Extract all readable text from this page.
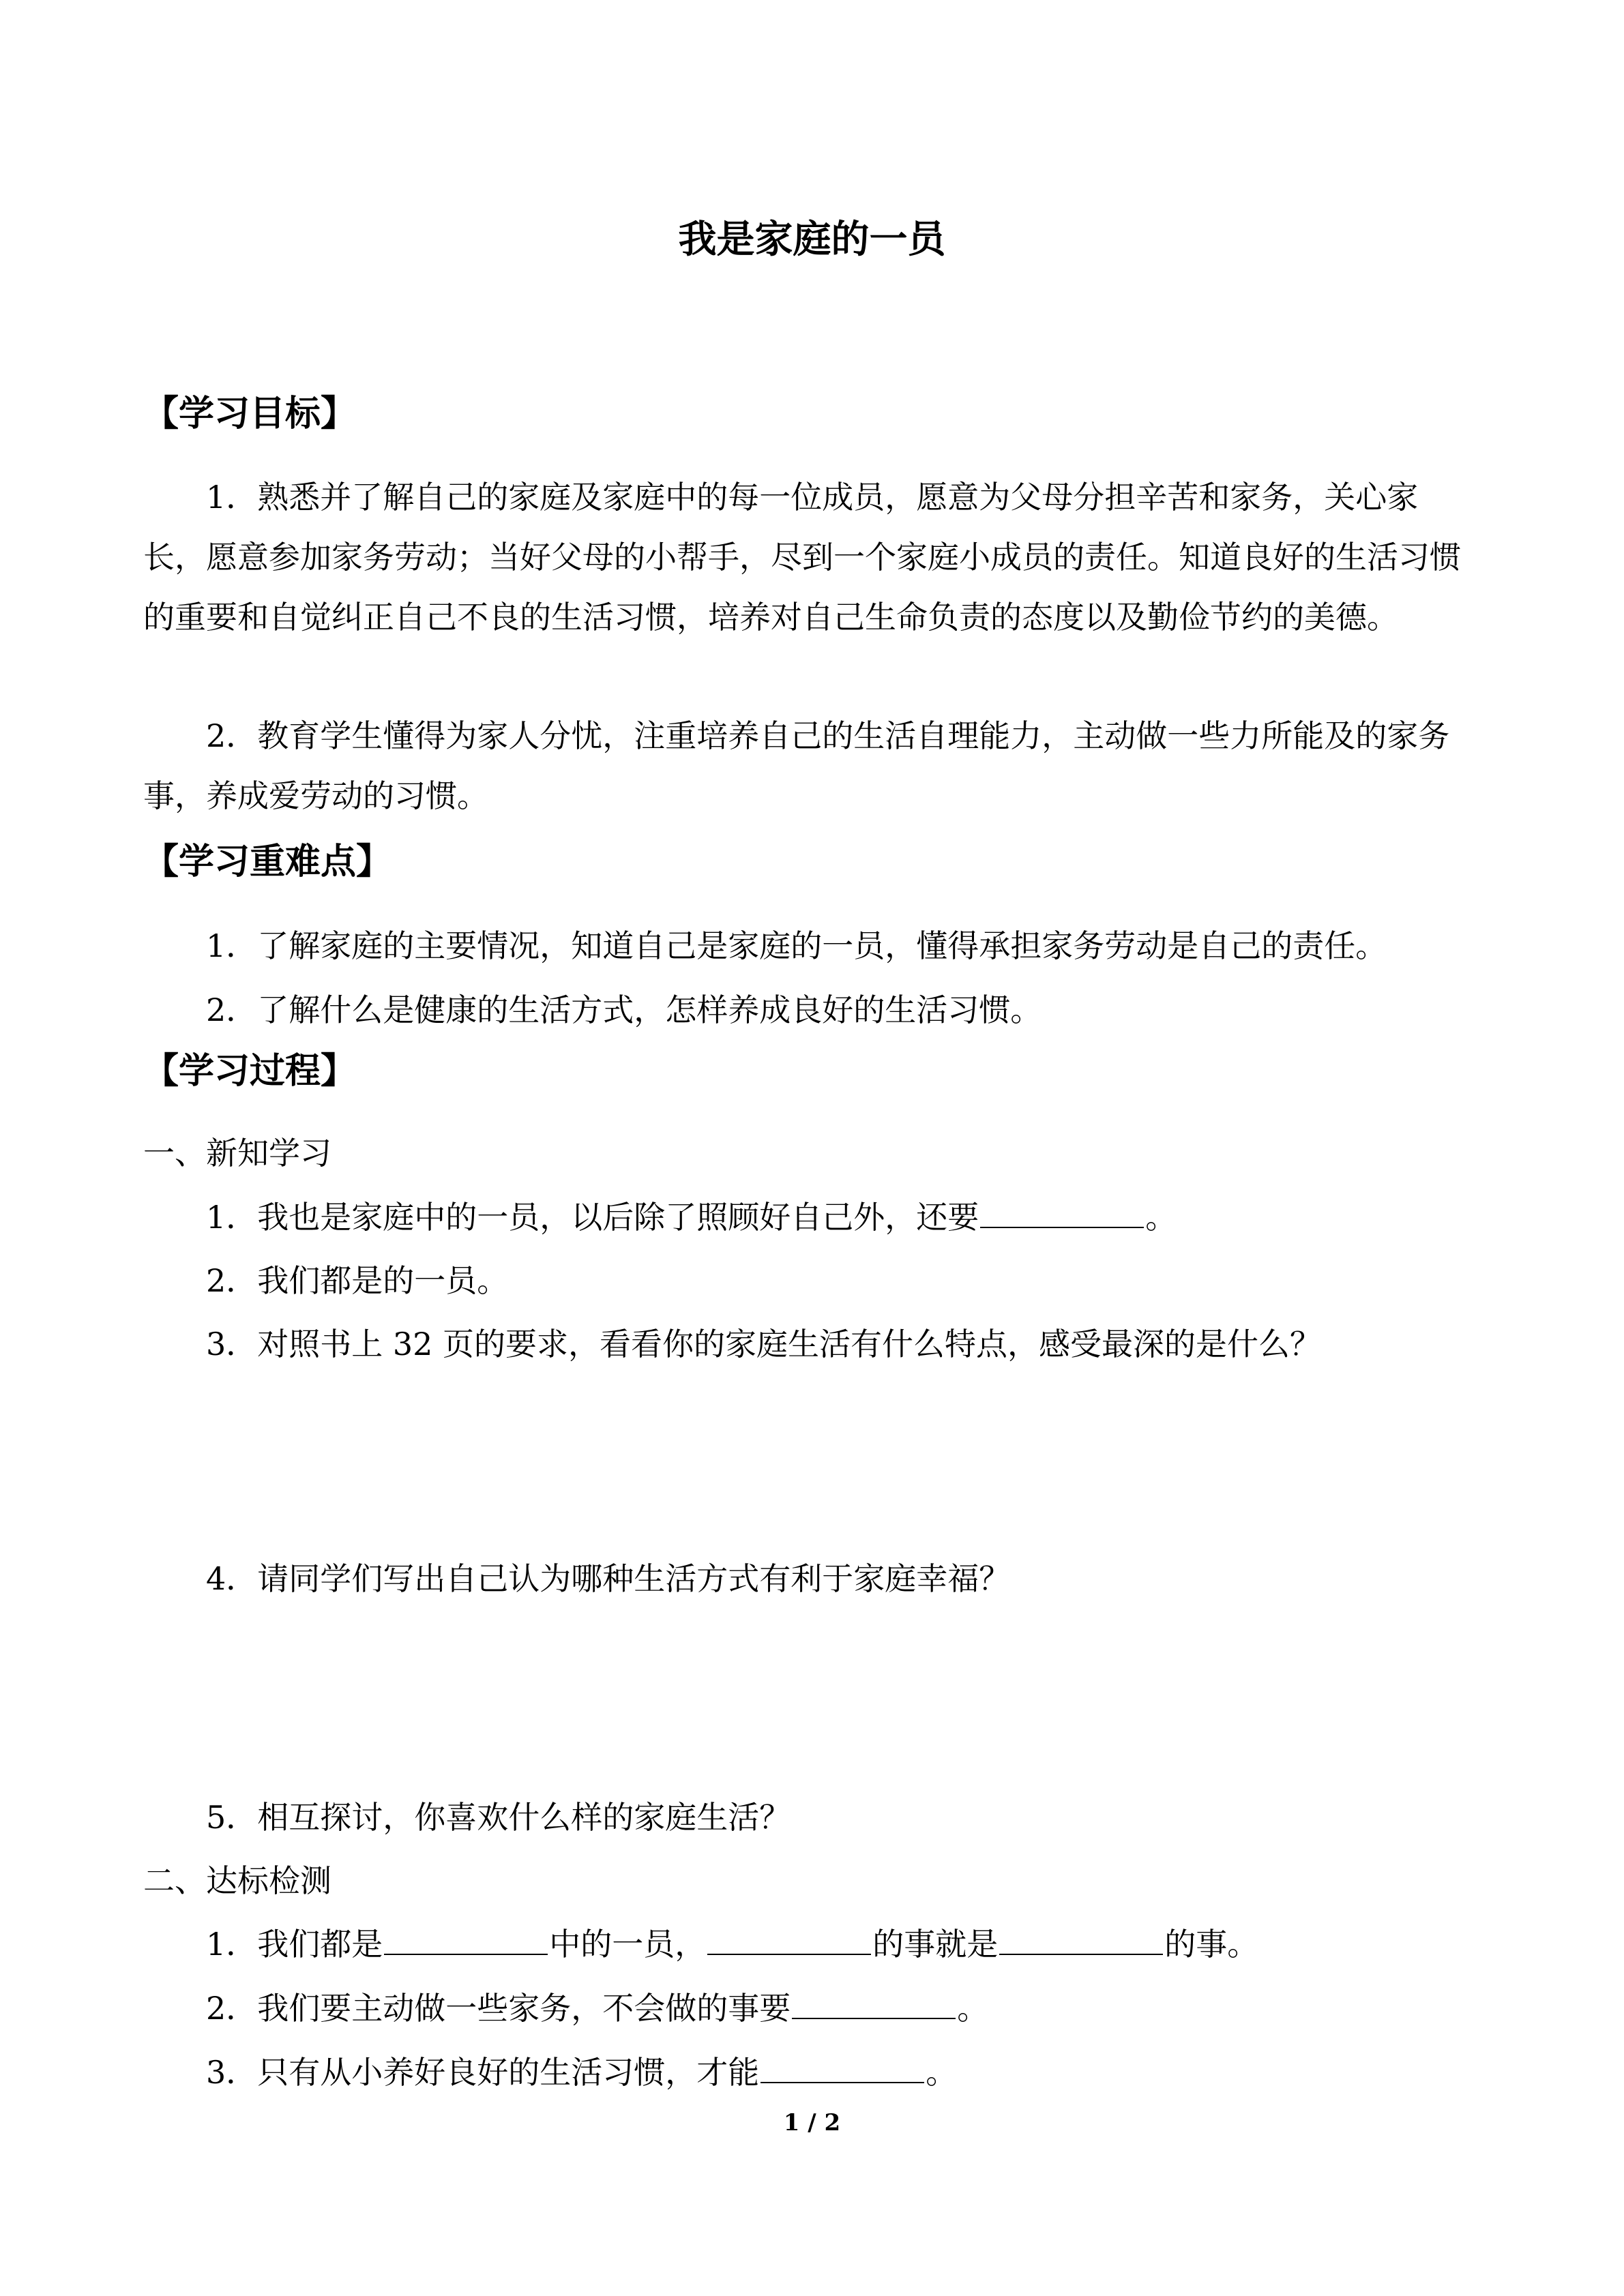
我是家庭的一员
【学习目标】
1．熟悉并了解自己的家庭及家庭中的每一位成员，愿意为父母分担辛苦和家务，关心家长，愿意参加家务劳动；当好父母的小帮手，尽到一个家庭小成员的责任。知道良好的生活习惯的重要和自觉纠正自己不良的生活习惯，培养对自己生命负责的态度以及勤俭节约的美德。
2．教育学生懂得为家人分忧，注重培养自己的生活自理能力，主动做一些力所能及的家务事，养成爱劳动的习惯。
【学习重难点】
1．了解家庭的主要情况，知道自己是家庭的一员，懂得承担家务劳动是自己的责任。
2．了解什么是健康的生活方式，怎样养成良好的生活习惯。
【学习过程】
一、新知学习
1．我也是家庭中的一员，以后除了照顾好自己外，还要	。
2．我们都是的一员。
3．对照书上 32 页的要求，看看你的家庭生活有什么特点，感受最深的是什么？
4．请同学们写出自己认为哪种生活方式有利于家庭幸福？
5．相互探讨，你喜欢什么样的家庭生活？
二、达标检测
1．我们都是	中的一员，	的事就是	的事。
2．我们要主动做一些家务，不会做的事要	。
3．只有从小养好良好的生活习惯，才能	。
1 / 2
